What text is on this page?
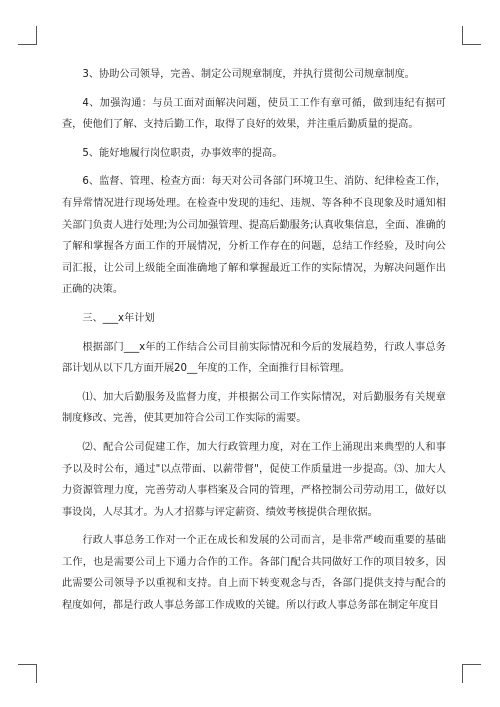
3、协助公司领导，完善、制定公司规章制度，并执行贯彻公司规章制度。

4、加强沟通：与员工面对面解决问题，使员工工作有章可循，做到违纪有据可查，使他们了解、支持后勤工作，取得了良好的效果，并注重后勤质量的提高。

5、能好地履行岗位职责，办事效率的提高。

6、监督、管理、检查方面：每天对公司各部门环境卫生、消防、纪律检查工作，有异常情况进行现场处理。在检查中发现的违纪、违规、等各种不良现象及时通知相关部门负责人进行处理;为公司加强管理、提高后勤服务;认真收集信息，全面、准确的了解和掌握各方面工作的开展情况，分析工作存在的问题，总结工作经验，及时向公司汇报，让公司上级能全面准确地了解和掌握最近工作的实际情况，为解决问题作出正确的决策。

三、___x年计划

根据部门___x年的工作结合公司目前实际情况和今后的发展趋势，行政人事总务部计划从以下几方面开展20__年度的工作，全面推行目标管理。

⑴、加大后勤服务及监督力度，并根据公司工作实际情况，对后勤服务有关规章制度修改、完善，使其更加符合公司工作实际的需要。

⑵、配合公司促建工作，加大行政管理力度，对在工作上涌现出来典型的人和事予以及时公布，通过"以点带面、以薪带督"，促使工作质量进一步提高。⑶、加大人力资源管理力度，完善劳动人事档案及合同的管理，严格控制公司劳动用工，做好以事设岗，人尽其才。为人才招募与评定薪资、绩效考核提供合理依据。

行政人事总务工作对一个正在成长和发展的公司而言，是非常严峻而重要的基础工作，也是需要公司上下通力合作的工作。各部门配合共同做好工作的项目较多，因此需要公司领导予以重视和支持。自上而下转变观念与否，各部门提供支持与配合的程度如何，都是行政人事总务部工作成败的关键。所以行政人事总务部在制定年度目
